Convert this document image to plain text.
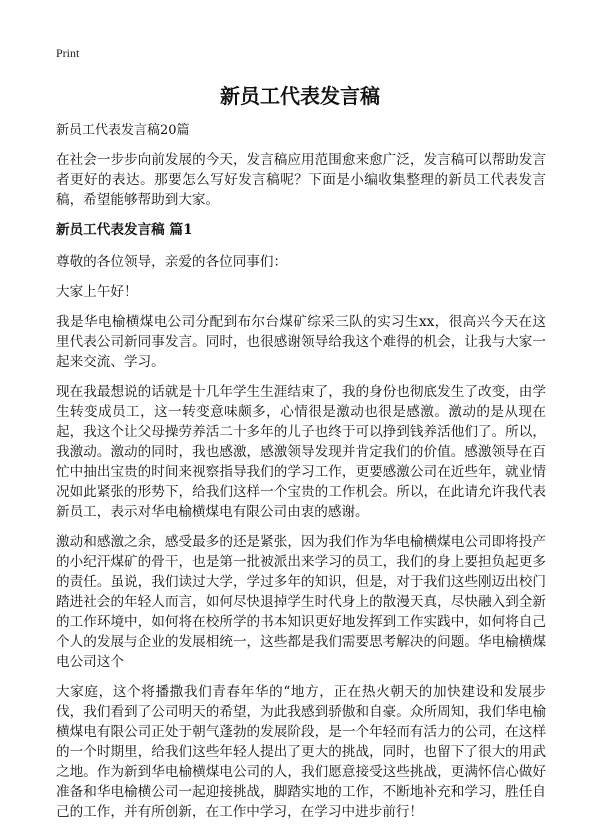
Print
新员工代表发言稿

新员工代表发言稿20篇

在社会一步步向前发展的今天，发言稿应用范围愈来愈广泛，发言稿可以帮助发言者更好的表达。那要怎么写好发言稿呢？下面是小编收集整理的新员工代表发言稿，希望能够帮助到大家。

新员工代表发言稿 篇1

尊敬的各位领导，亲爱的各位同事们：

大家上午好！

我是华电榆横煤电公司分配到布尔台煤矿综采三队的实习生xx，很高兴今天在这里代表公司新同事发言。同时，也很感谢领导给我这个难得的机会，让我与大家一起来交流、学习。

现在我最想说的话就是十几年学生生涯结束了，我的身份也彻底发生了改变，由学生转变成员工，这一转变意味颇多，心情很是激动也很是感激。激动的是从现在起，我这个让父母操劳养活二十多年的儿子也终于可以挣到钱养活他们了。所以，我激动。激动的同时，我也感激，感激领导发现并肯定我们的价值。感激领导在百忙中抽出宝贵的时间来视察指导我们的学习工作，更要感激公司在近些年，就业情况如此紧张的形势下，给我们这样一个宝贵的工作机会。所以，在此请允许我代表新员工，表示对华电榆横煤电有限公司由衷的感谢。

激动和感激之余，感受最多的还是紧张，因为我们作为华电榆横煤电公司即将投产的小纪汗煤矿的骨干，也是第一批被派出来学习的员工，我们的身上要担负起更多的责任。虽说，我们读过大学，学过多年的知识，但是，对于我们这些刚迈出校门踏进社会的年轻人而言，如何尽快退掉学生时代身上的散漫天真，尽快融入到全新的工作环境中，如何将在校所学的书本知识更好地发挥到工作实践中，如何将自己个人的发展与企业的发展相统一，这些都是我们需要思考解决的问题。华电榆横煤电公司这个

大家庭，这个将播撒我们青春年华的“地方，正在热火朝天的加快建设和发展步伐，我们看到了公司明天的希望，为此我感到骄傲和自豪。众所周知，我们华电榆横煤电有限公司正处于朝气蓬勃的发展阶段，是一个年轻而有活力的公司，在这样的一个时期里，给我们这些年轻人提出了更大的挑战，同时，也留下了很大的用武之地。作为新到华电榆横煤电公司的人，我们愿意接受这些挑战，更满怀信心做好准备和华电榆横公司一起迎接挑战，脚踏实地的工作，不断地补充和学习，胜任自己的工作，并有所创新，在工作中学习，在学习中进步前行！
